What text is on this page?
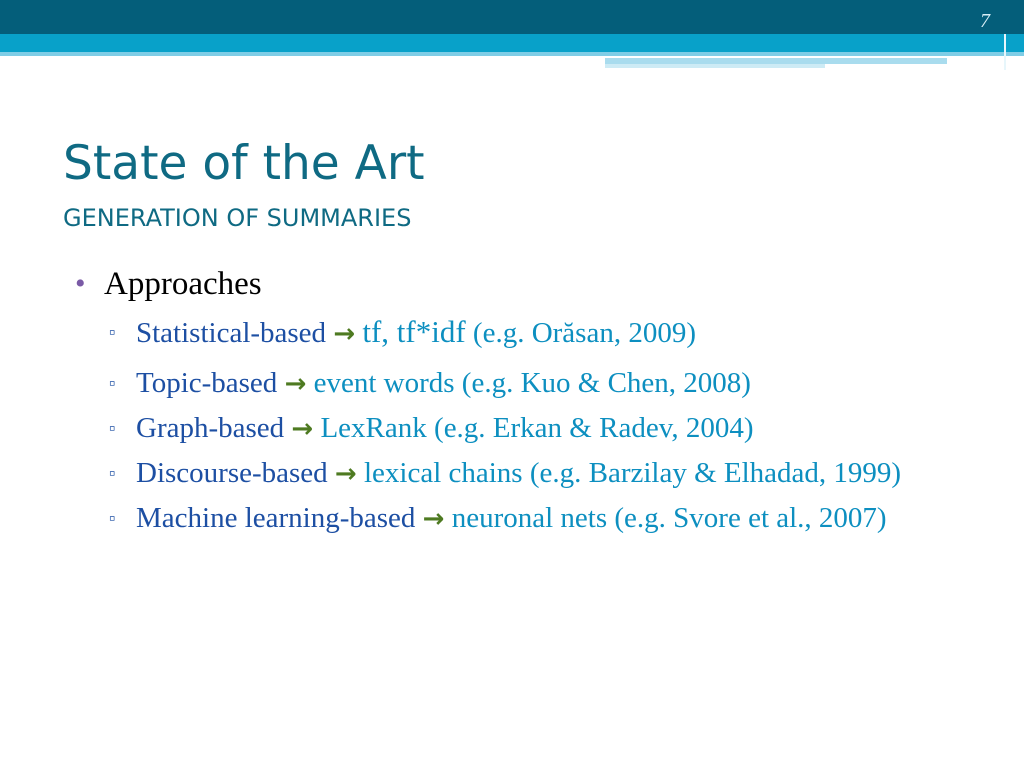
7
State of the Art
GENERATION OF SUMMARIES
• Approaches
▫ Statistical-based → tf, tf*idf (e.g. Orăsan, 2009)
▫ Topic-based → event words (e.g. Kuo & Chen, 2008)
▫ Graph-based → LexRank (e.g. Erkan & Radev, 2004)
▫ Discourse-based → lexical chains (e.g. Barzilay & Elhadad, 1999)
▫ Machine learning-based → neuronal nets (e.g. Svore et al., 2007)
